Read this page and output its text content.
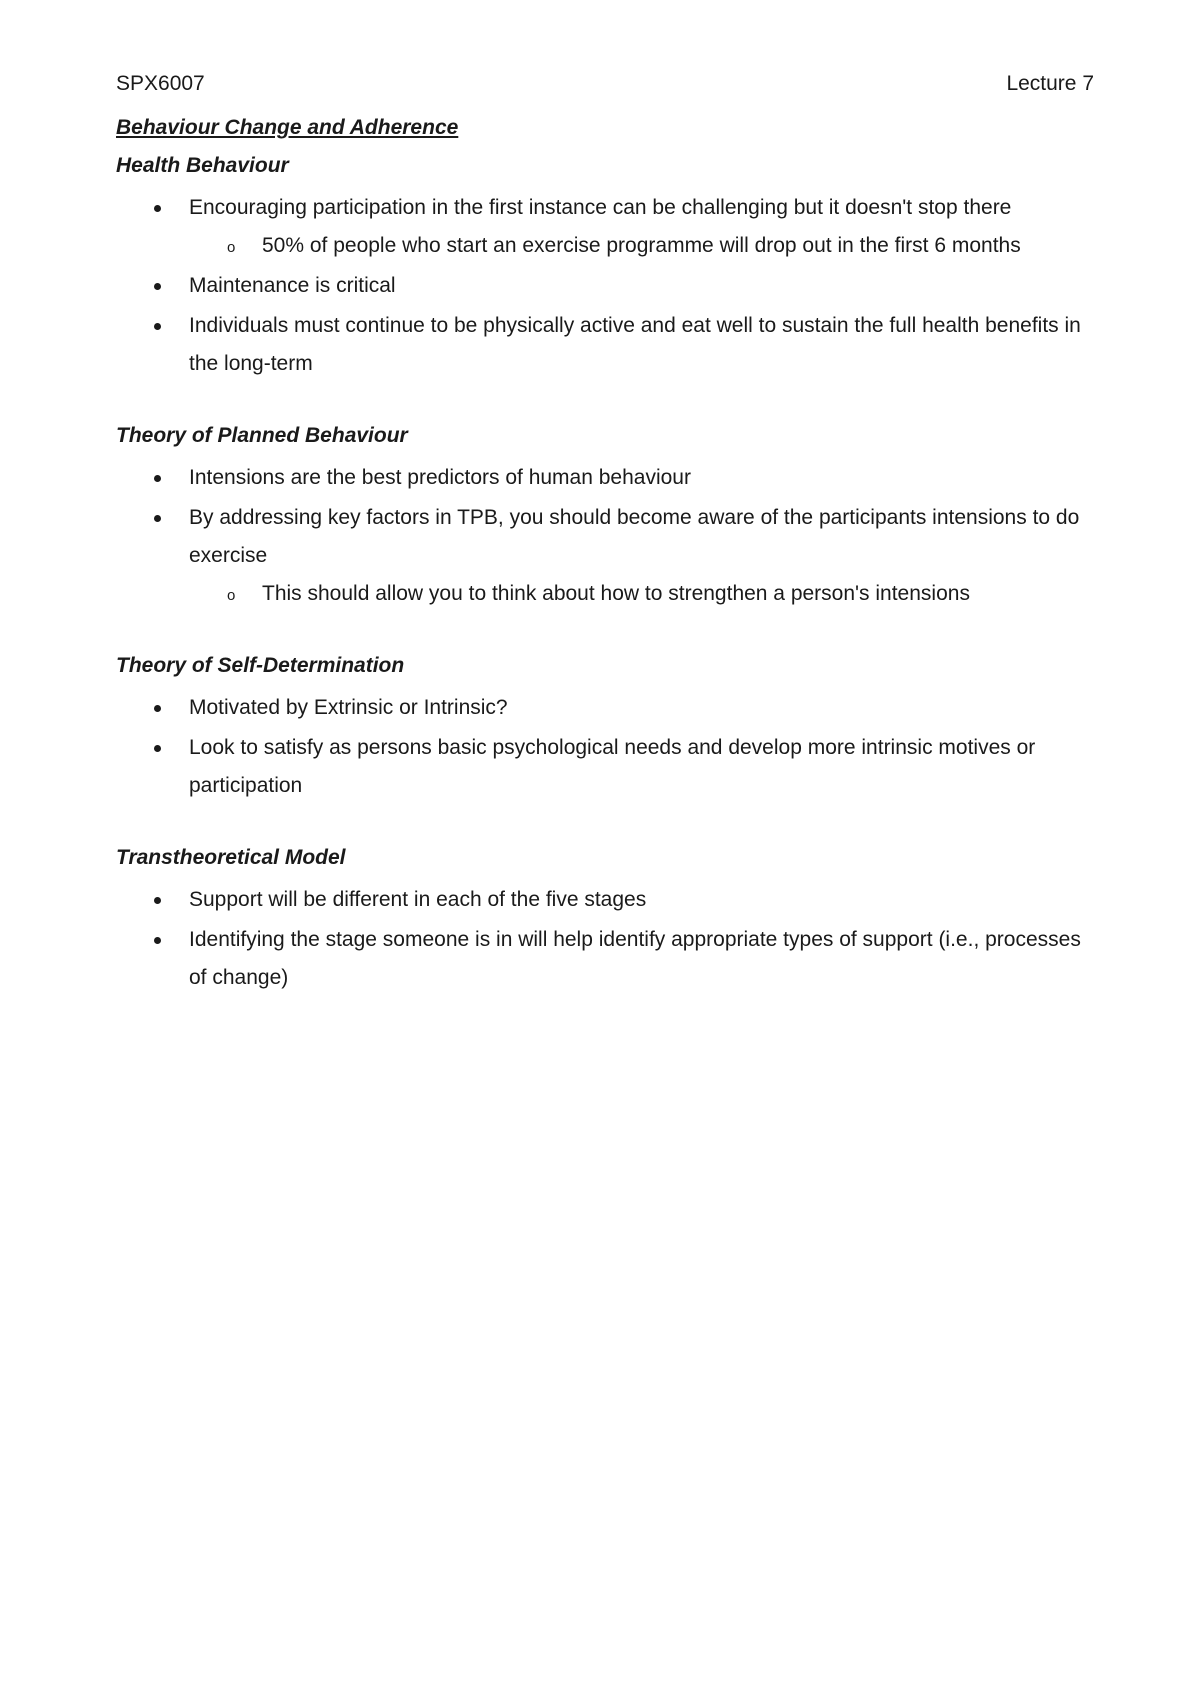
SPX6007	Lecture 7
Behaviour Change and Adherence
Health Behaviour
Encouraging participation in the first instance can be challenging but it doesn't stop there
o 50% of people who start an exercise programme will drop out in the first 6 months
Maintenance is critical
Individuals must continue to be physically active and eat well to sustain the full health benefits in the long-term
Theory of Planned Behaviour
Intensions are the best predictors of human behaviour
By addressing key factors in TPB, you should become aware of the participants intensions to do exercise
o This should allow you to think about how to strengthen a person's intensions
Theory of Self-Determination
Motivated by Extrinsic or Intrinsic?
Look to satisfy as persons basic psychological needs and develop more intrinsic motives or participation
Transtheoretical Model
Support will be different in each of the five stages
Identifying the stage someone is in will help identify appropriate types of support (i.e., processes of change)
